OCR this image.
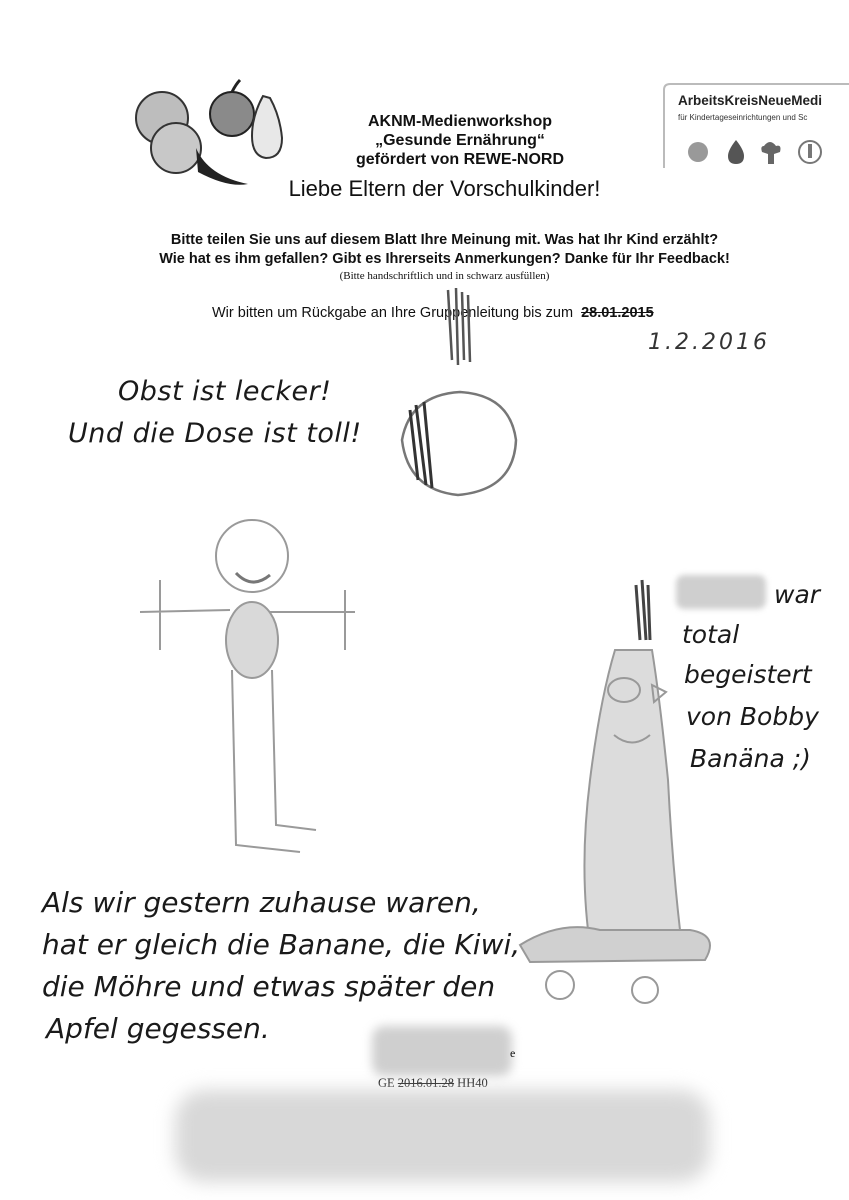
AKNM-Medienworkshop
„Gesunde Ernährung“
gefördert von REWE-NORD
ArbeitsKreisNeueMedi
für Kindertageseinrichtungen und Sc
Liebe Eltern der Vorschulkinder!
Bitte teilen Sie uns auf diesem Blatt Ihre Meinung mit. Was hat Ihr Kind erzählt?
Wie hat es ihm gefallen? Gibt es Ihrerseits Anmerkungen? Danke für Ihr Feedback!
(Bitte handschriftlich und in schwarz ausfüllen)
Wir bitten um Rückgabe an Ihre Gruppenleitung bis zum 28.01.2015
1.2.2016
Obst ist lecker!
Und die Dose ist toll!
war
total
begeistert
von Bobby
Banäna ;)
Als wir gestern zuhause waren,
hat er gleich die Banane, die Kiwi,
die Möhre und etwas später den
Apfel gegessen.
e
GE 2016.01.28 HH40
